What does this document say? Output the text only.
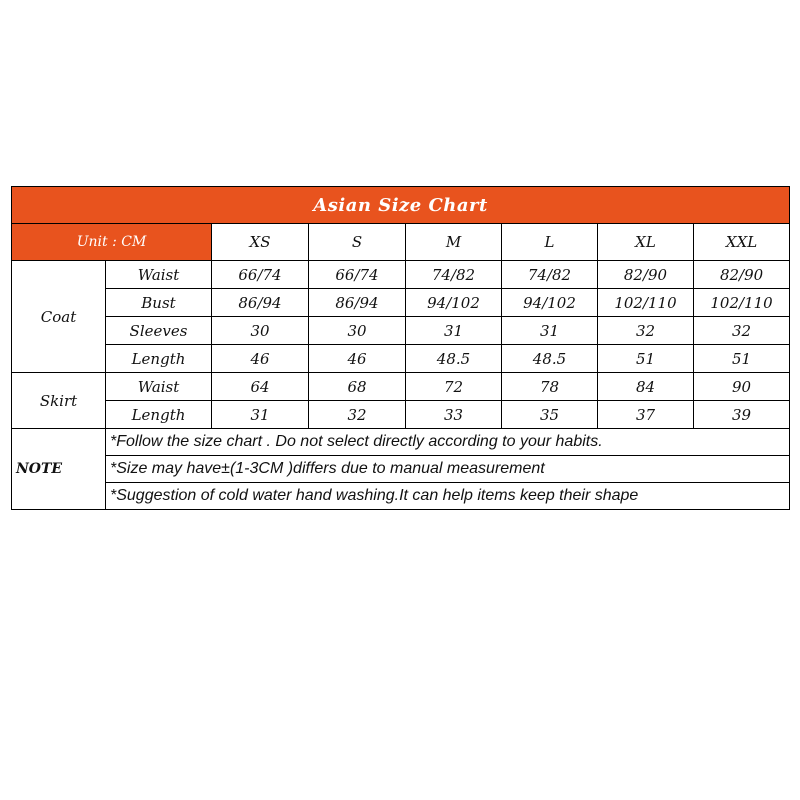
Asian Size Chart							
Unit : CM		XS	S	M	L	XL	XXL
Coat	Waist	66/74	66/74	74/82	74/82	82/90	82/90
	Bust	86/94	86/94	94/102	94/102	102/110	102/110
	Sleeves	30	30	31	31	32	32
	Length	46	46	48.5	48.5	51	51
Skirt	Waist	64	68	72	78	84	90
	Length	31	32	33	35	37	39
NOTE	*Follow the size chart . Do not select directly according to your habits.						
	*Size may have±(1-3CM )differs due to manual measurement						
	*Suggestion of cold water hand washing.It can help items keep their shape						
